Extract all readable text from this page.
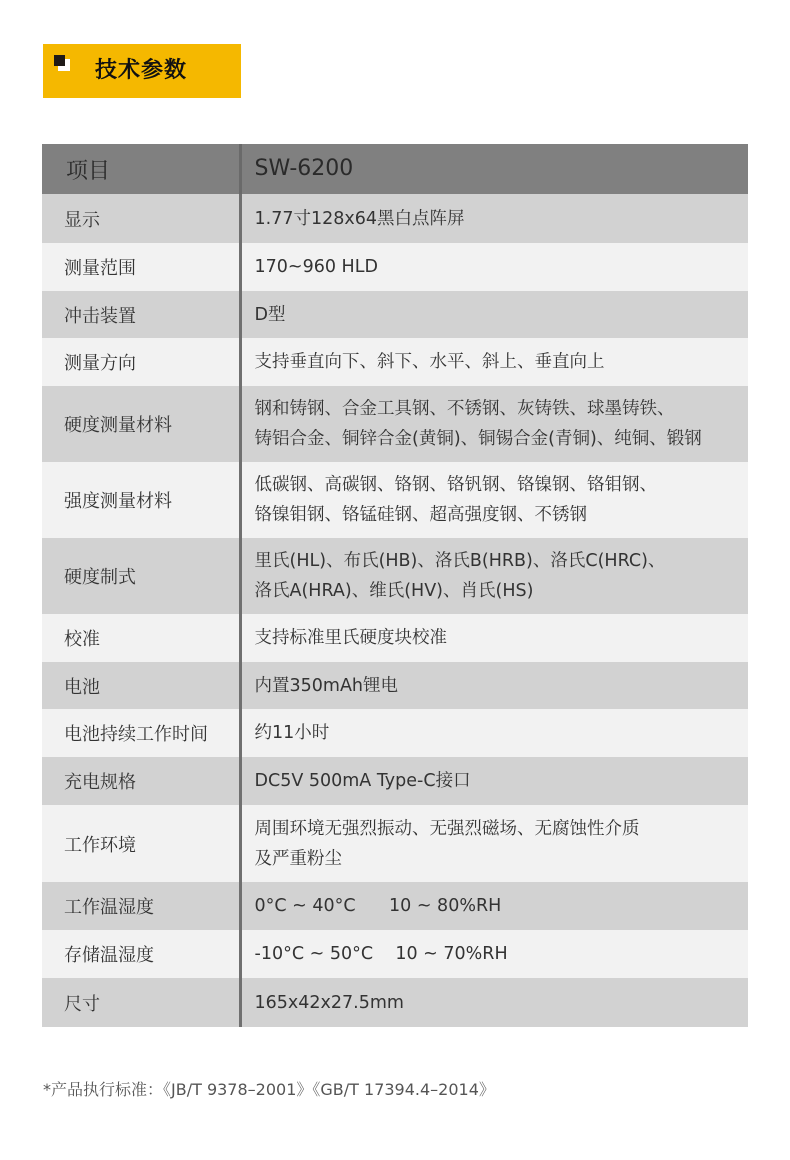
技术参数
项目	SW-6200
显示	1.77寸128x64黑白点阵屏

测量范围	170~960 HLD

冲击装置	D型

测量方向	支持垂直向下、斜下、水平、斜上、垂直向上

硬度测量材料	钢和铸钢、合金工具钢、不锈钢、灰铸铁、球墨铸铁、
铸铝合金、铜锌合金(黄铜)、铜锡合金(青铜)、纯铜、锻钢

强度测量材料	低碳钢、高碳钢、铬钢、铬钒钢、铬镍钢、铬钼钢、
铬镍钼钢、铬锰硅钢、超高强度钢、不锈钢

硬度制式	里氏(HL)、布氏(HB)、洛氏B(HRB)、洛氏C(HRC)、
洛氏A(HRA)、维氏(HV)、肖氏(HS)

校准	支持标准里氏硬度块校准

电池	内置350mAh锂电

电池持续工作时间	约11小时

充电规格	DC5V 500mA Type-C接口

工作环境	周围环境无强烈振动、无强烈磁场、无腐蚀性介质
及严重粉尘

工作温湿度	0°C ~ 40°C      10 ~ 80%RH

存储温湿度	-10°C ~ 50°C    10 ~ 70%RH

尺寸	165x42x27.5mm
*产品执行标准：《JB/T 9378–2001》《GB/T 17394.4–2014》
